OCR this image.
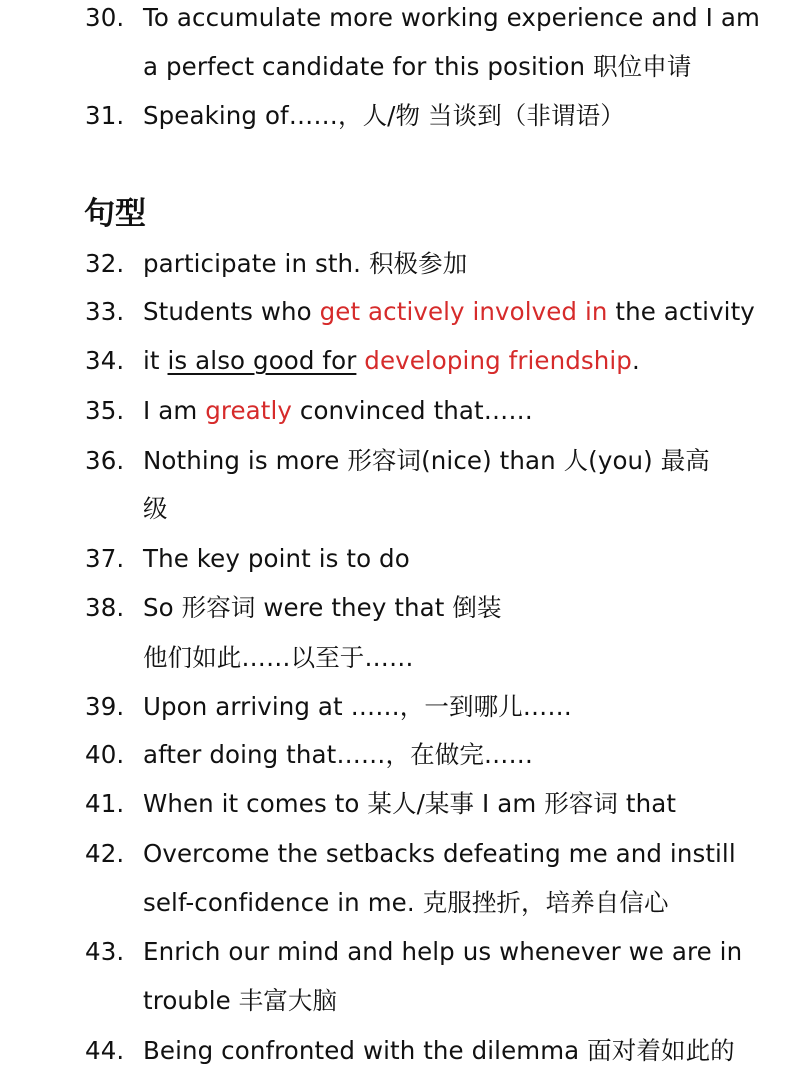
30. To accumulate more working experience and I am
a perfect candidate for this position 职位申请
31. Speaking of……，人/物 当谈到（非谓语）
句型
32. participate in sth. 积极参加
33. Students who get actively involved in the activity
34. it is also good for developing friendship.
35. I am greatly convinced that……
36. Nothing is more 形容词(nice) than 人(you) 最高
级
37. The key point is to do
38. So 形容词 were they that 倒装
他们如此……以至于……
39. Upon arriving at ……，一到哪儿……
40. after doing that……，在做完……
41. When it comes to 某人/某事 I am 形容词 that
42. Overcome the setbacks defeating me and instill
self-confidence in me. 克服挫折，培养自信心
43. Enrich our mind and help us whenever we are in
trouble 丰富大脑
44. Being confronted with the dilemma 面对着如此的
